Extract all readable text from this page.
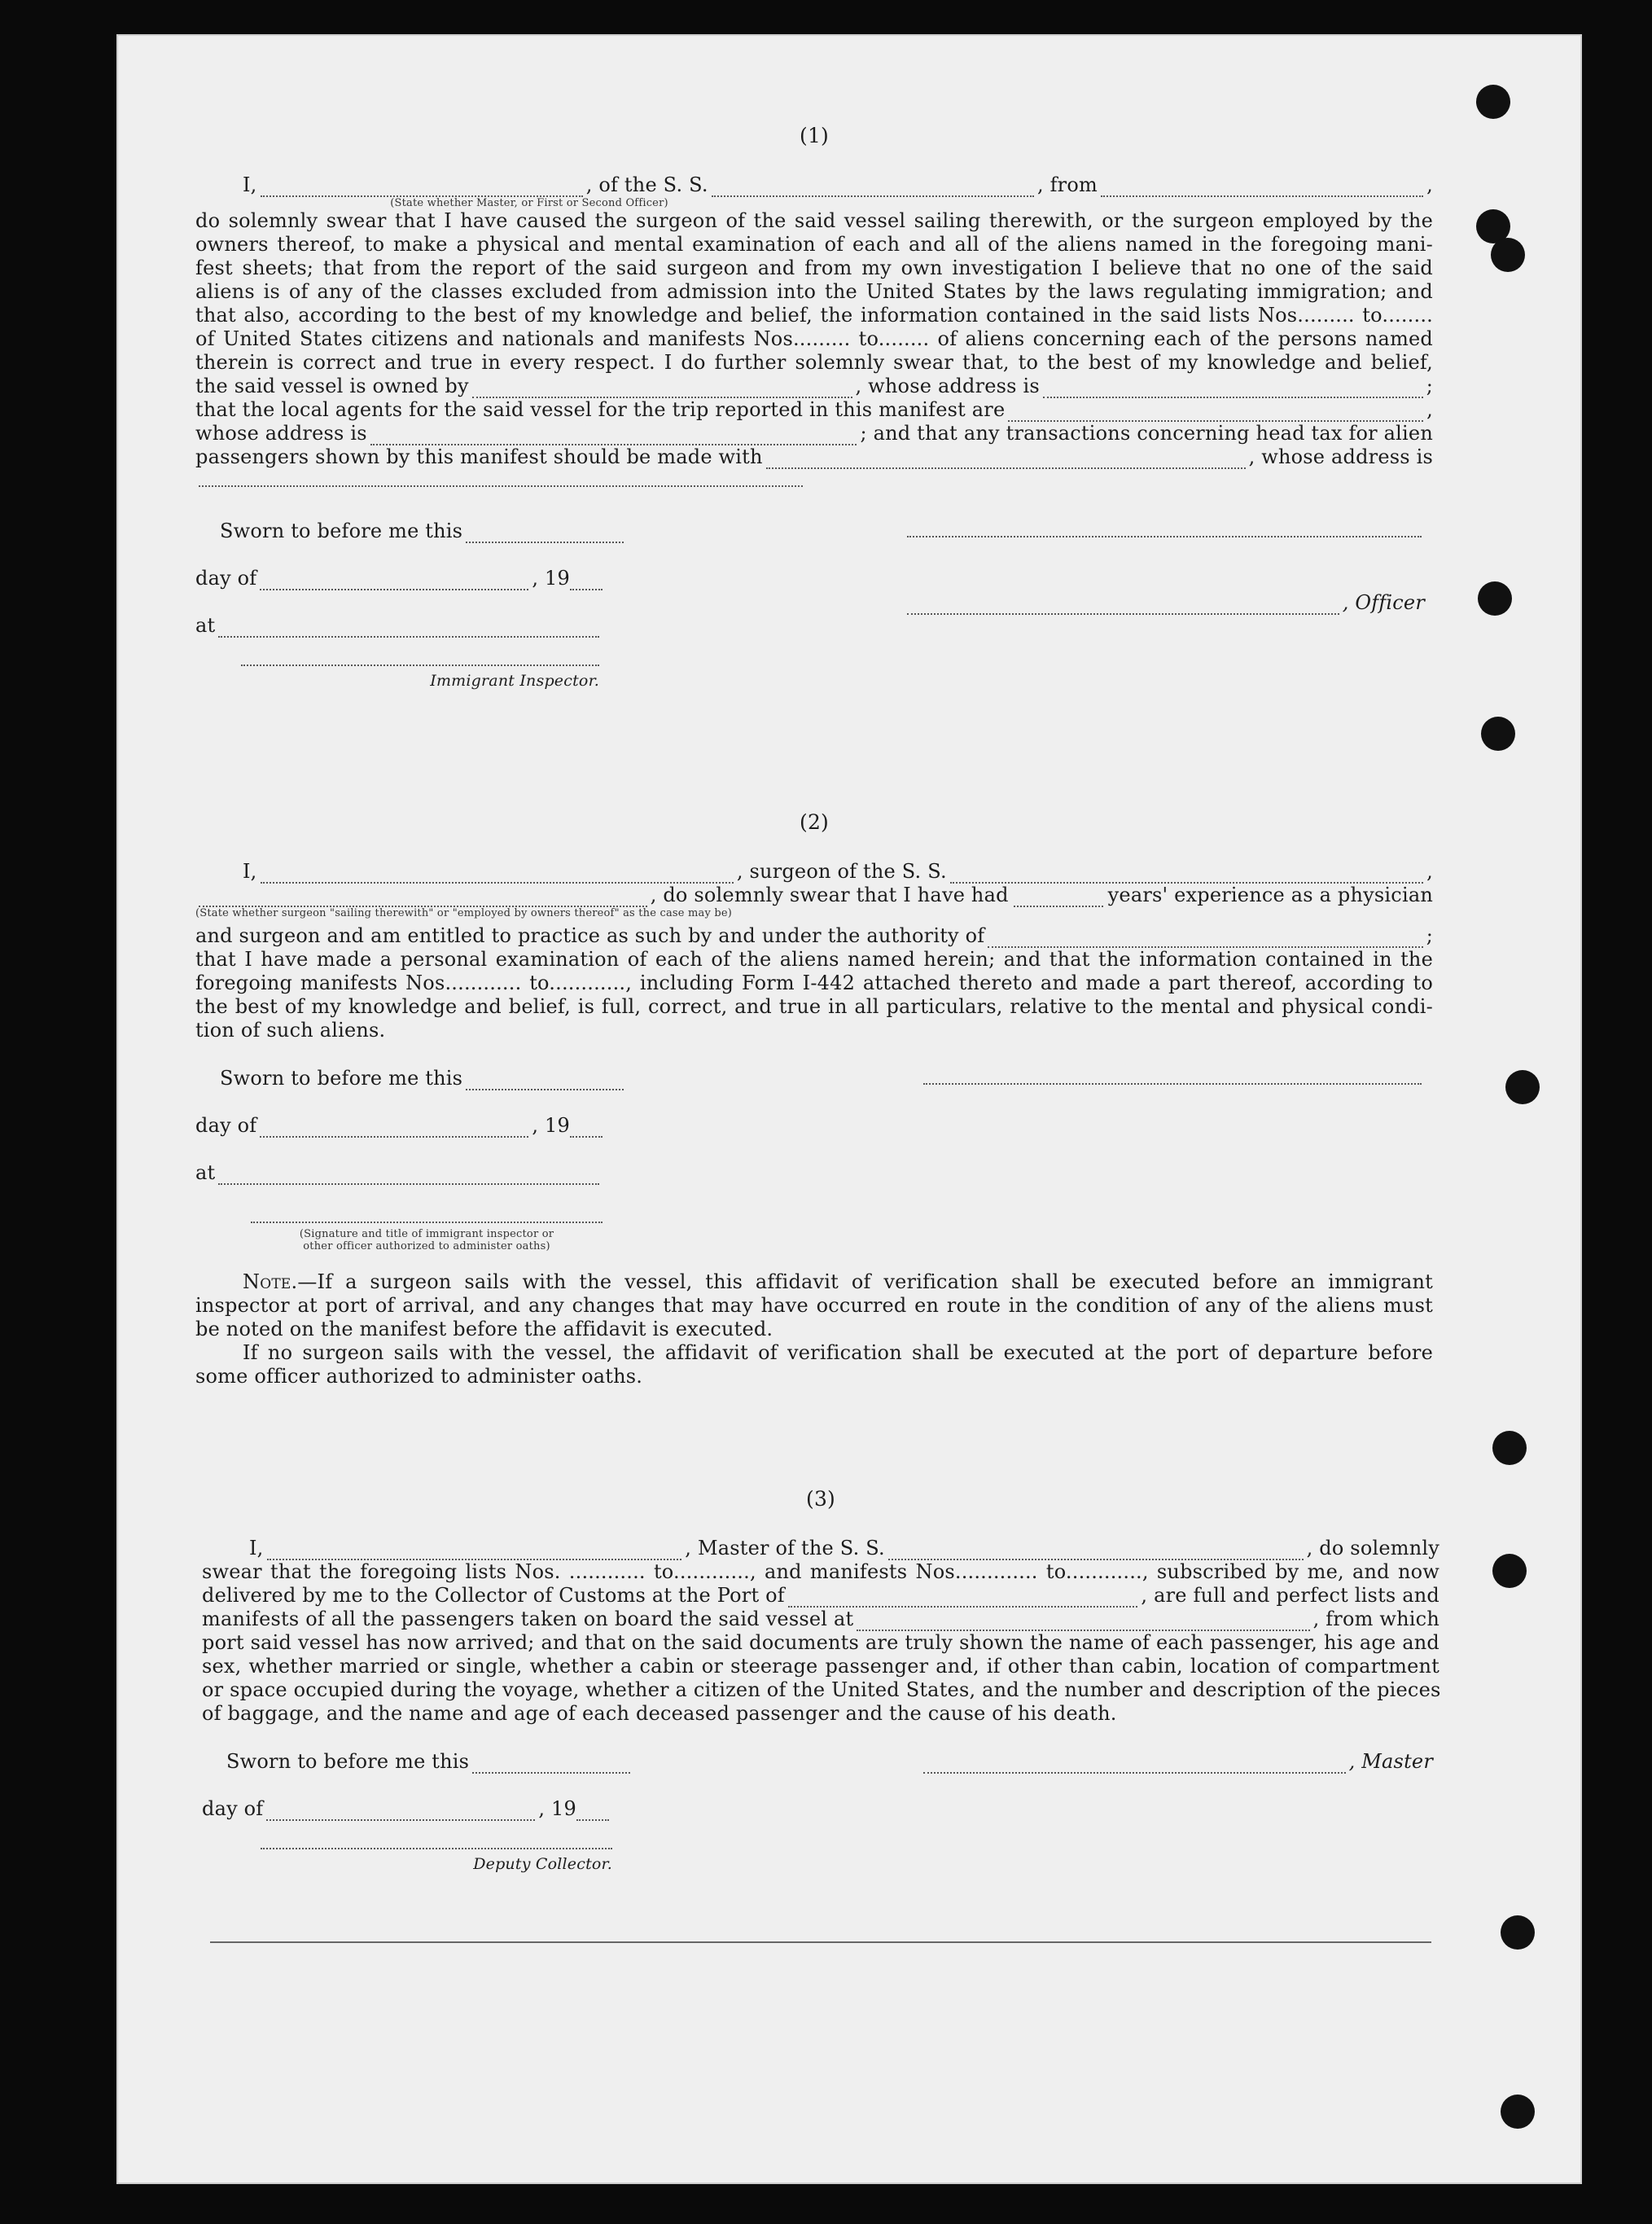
(1)
I,	, of the S. S.	, from	,
(State whether Master, or First or Second Officer)
do solemnly swear that I have caused the surgeon of the said vessel sailing therewith, or the surgeon employed by the
owners thereof, to make a physical and mental examination of each and all of the aliens named in the foregoing mani-
fest sheets; that from the report of the said surgeon and from my own investigation I believe that no one of the said
aliens is of any of the classes excluded from admission into the United States by the laws regulating immigration; and
that also, according to the best of my knowledge and belief, the information contained in the said lists Nos......... to........
of United States citizens and nationals and manifests Nos......... to........ of aliens concerning each of the persons named
therein is correct and true in every respect. I do further solemnly swear that, to the best of my knowledge and belief,
the said vessel is owned by	, whose address is	;
that the local agents for the said vessel for the trip reported in this manifest are	,
whose address is	; and that any transactions concerning head tax for alien
passengers shown by this manifest should be made with	, whose address is
Sworn to before me this
day of	, 19
at
, Officer
Immigrant Inspector.
(2)
I,	, surgeon of the S. S.	,
, do solemnly swear that I have had	years' experience as a physician
(State whether surgeon "sailing therewith" or "employed by owners thereof" as the case may be)
and surgeon and am entitled to practice as such by and under the authority of	;
that I have made a personal examination of each of the aliens named herein; and that the information contained in the
foregoing manifests Nos............ to............, including Form I-442 attached thereto and made a part thereof, according to
the best of my knowledge and belief, is full, correct, and true in all particulars, relative to the mental and physical condi-
tion of such aliens.
Sworn to before me this
day of	, 19
at
(Signature and title of immigrant inspector or
other officer authorized to administer oaths)
Note.—If a surgeon sails with the vessel, this affidavit of verification shall be executed before an immigrant
inspector at port of arrival, and any changes that may have occurred en route in the condition of any of the aliens must
be noted on the manifest before the affidavit is executed.
If no surgeon sails with the vessel, the affidavit of verification shall be executed at the port of departure before
some officer authorized to administer oaths.
(3)
I,	, Master of the S. S.	, do solemnly
swear that the foregoing lists Nos. ............ to............, and manifests Nos............. to............, subscribed by me, and now
delivered by me to the Collector of Customs at the Port of	, are full and perfect lists and
manifests of all the passengers taken on board the said vessel at	, from which
port said vessel has now arrived; and that on the said documents are truly shown the name of each passenger, his age and
sex, whether married or single, whether a cabin or steerage passenger and, if other than cabin, location of compartment
or space occupied during the voyage, whether a citizen of the United States, and the number and description of the pieces
of baggage, and the name and age of each deceased passenger and the cause of his death.
Sworn to before me this
day of	, 19
, Master
Deputy Collector.
